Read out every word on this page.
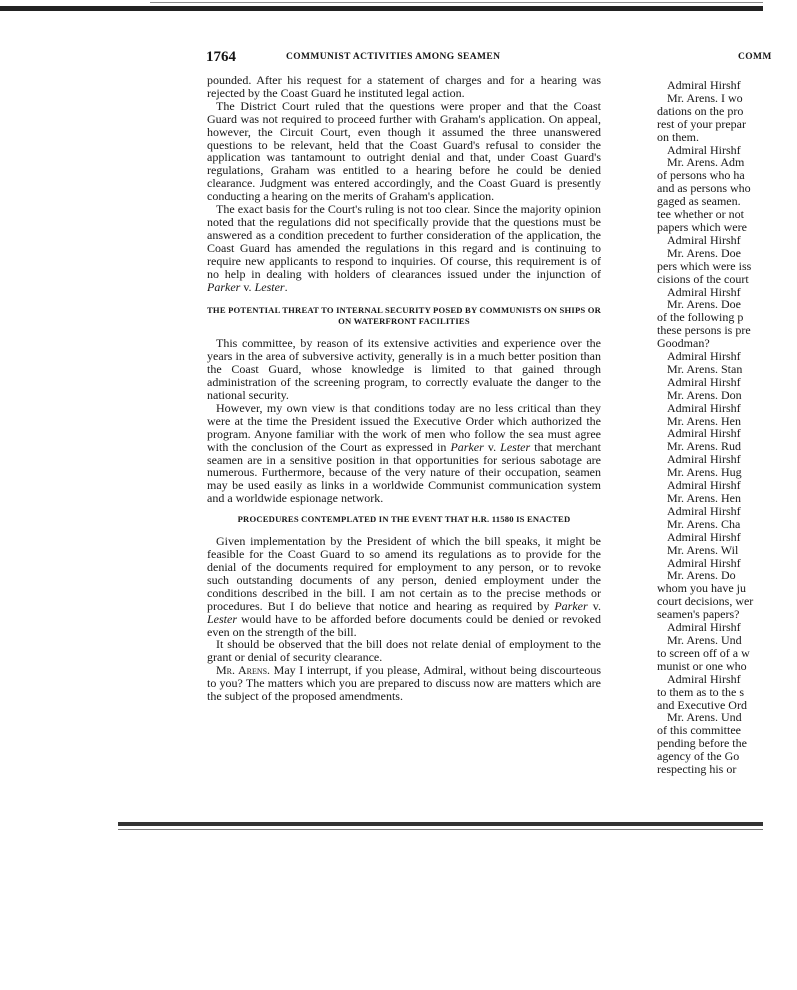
1764	COMMUNIST ACTIVITIES AMONG SEAMEN	COMM

pounded. After his request for a statement of charges and for a hearing was rejected by the Coast Guard he instituted legal action.

The District Court ruled that the questions were proper and that the Coast Guard was not required to proceed further with Graham's application. On appeal, however, the Circuit Court, even though it assumed the three unanswered questions to be relevant, held that the Coast Guard's refusal to consider the application was tantamount to outright denial and that, under Coast Guard's regulations, Graham was entitled to a hearing before he could be denied clearance. Judgment was entered accordingly, and the Coast Guard is presently conducting a hearing on the merits of Graham's application.

The exact basis for the Court's ruling is not too clear. Since the majority opinion noted that the regulations did not specifically provide that the questions must be answered as a condition precedent to further consideration of the application, the Coast Guard has amended the regulations in this regard and is continuing to require new applicants to respond to inquiries. Of course, this requirement is of no help in dealing with holders of clearances issued under the injunction of Parker v. Lester.

THE POTENTIAL THREAT TO INTERNAL SECURITY POSED BY COMMUNISTS ON SHIPS OR ON WATERFRONT FACILITIES

This committee, by reason of its extensive activities and experience over the years in the area of subversive activity, generally is in a much better position than the Coast Guard, whose knowledge is limited to that gained through administration of the screening program, to correctly evaluate the danger to the national security.

However, my own view is that conditions today are no less critical than they were at the time the President issued the Executive Order which authorized the program. Anyone familiar with the work of men who follow the sea must agree with the conclusion of the Court as expressed in Parker v. Lester that merchant seamen are in a sensitive position in that opportunities for serious sabotage are numerous. Furthermore, because of the very nature of their occupation, seamen may be used easily as links in a worldwide Communist communication system and a worldwide espionage network.

PROCEDURES CONTEMPLATED IN THE EVENT THAT H.R. 11580 IS ENACTED

Given implementation by the President of which the bill speaks, it might be feasible for the Coast Guard to so amend its regulations as to provide for the denial of the documents required for employment to any person, or to revoke such outstanding documents of any person, denied employment under the conditions described in the bill. I am not certain as to the precise methods or procedures. But I do believe that notice and hearing as required by Parker v. Lester would have to be afforded before documents could be denied or revoked even on the strength of the bill.

It should be observed that the bill does not relate denial of employment to the grant or denial of security clearance.

Mr. Arens. May I interrupt, if you please, Admiral, without being discourteous to you? The matters which you are prepared to discuss now are matters which are the subject of the proposed amendments.

Admiral Hirshf
Mr. Arens. I wo
dations on the pro
rest of your prepar
on them.
Admiral Hirshf
Mr. Arens. Adm
of persons who ha
and as persons who
gaged as seamen.
tee whether or not
papers which were
Admiral Hirshf
Mr. Arens. Doe
pers which were iss
cisions of the court
Admiral Hirshf
Mr. Arens. Doe
of the following p
these persons is pre
Goodman?
Admiral Hirshf
Mr. Arens. Stan
Admiral Hirshf
Mr. Arens. Don
Admiral Hirshf
Mr. Arens. Hen
Admiral Hirshf
Mr. Arens. Rud
Admiral Hirshf
Mr. Arens. Hug
Admiral Hirshf
Mr. Arens. Hen
Admiral Hirshf
Mr. Arens. Cha
Admiral Hirshf
Mr. Arens. Wil
Admiral Hirshf
Mr. Arens. Do
whom you have ju
court decisions, wer
seamen's papers?
Admiral Hirshf
Mr. Arens. Und
to screen off of a w
munist or one who
Admiral Hirshf
to them as to the s
and Executive Ord
Mr. Arens. Und
of this committee
pending before the
agency of the Go
respecting his or
